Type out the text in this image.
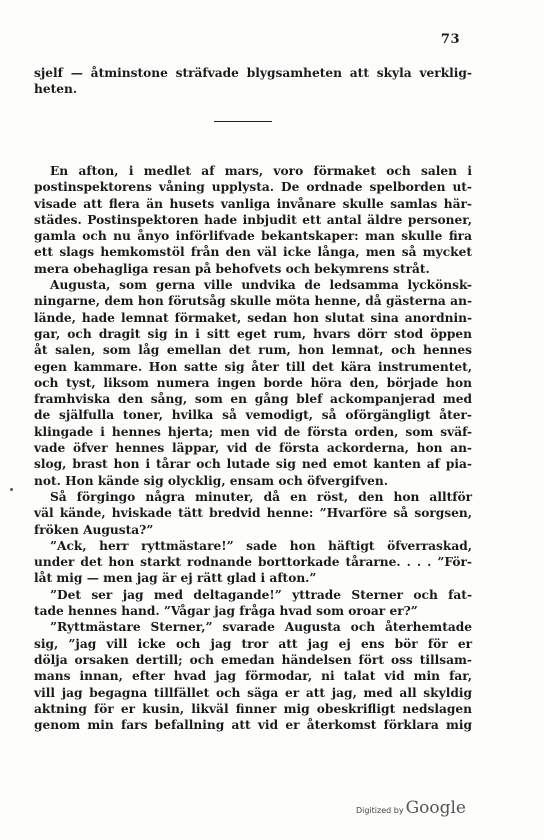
73
sjelf — åtminstone sträfvade blygsamheten att skyla verklig-
heten.
En afton, i medlet af mars, voro förmaket och salen i
postinspektorens våning upplysta. De ordnade spelborden ut-
visade att flera än husets vanliga invånare skulle samlas här-
städes. Postinspektoren hade inbjudit ett antal äldre personer,
gamla och nu ånyo införlifvade bekantskaper: man skulle fira
ett slags hemkomstöl från den väl icke långa, men så mycket
mera obehagliga resan på behofvets och bekymrens stråt.
Augusta, som gerna ville undvika de ledsamma lyckönsk-
ningarne, dem hon förutsåg skulle möta henne, då gästerna an-
lände, hade lemnat förmaket, sedan hon slutat sina anordnin-
gar, och dragit sig in i sitt eget rum, hvars dörr stod öppen
åt salen, som låg emellan det rum, hon lemnat, och hennes
egen kammare. Hon satte sig åter till det kära instrumentet,
och tyst, liksom numera ingen borde höra den, började hon
framhviska den sång, som en gång blef ackompanjerad med
de själfulla toner, hvilka så vemodigt, så oförgängligt åter-
klingade i hennes hjerta; men vid de första orden, som sväf-
vade öfver hennes läppar, vid de första ackorderna, hon an-
slog, brast hon i tårar och lutade sig ned emot kanten af pia-
not. Hon kände sig olycklig, ensam och öfvergifven.
Så förgingo några minuter, då en röst, den hon alltför
väl kände, hviskade tätt bredvid henne: ”Hvarföre så sorgsen,
fröken Augusta?”
”Ack, herr ryttmästare!” sade hon häftigt öfverraskad,
under det hon starkt rodnande borttorkade tårarne. . . . ”För-
låt mig — men jag är ej rätt glad i afton.”
”Det ser jag med deltagande!” yttrade Sterner och fat-
tade hennes hand. ”Vågar jag fråga hvad som oroar er?”
”Ryttmästare Sterner,” svarade Augusta och återhemtade
sig, ”jag vill icke och jag tror att jag ej ens bör för er
dölja orsaken dertill; och emedan händelsen fört oss tillsam-
mans innan, efter hvad jag förmodar, ni talat vid min far,
vill jag begagna tillfället och säga er att jag, med all skyldig
aktning för er kusin, likväl finner mig obeskrifligt nedslagen
genom min fars befallning att vid er återkomst förklara mig
Digitized by Google
